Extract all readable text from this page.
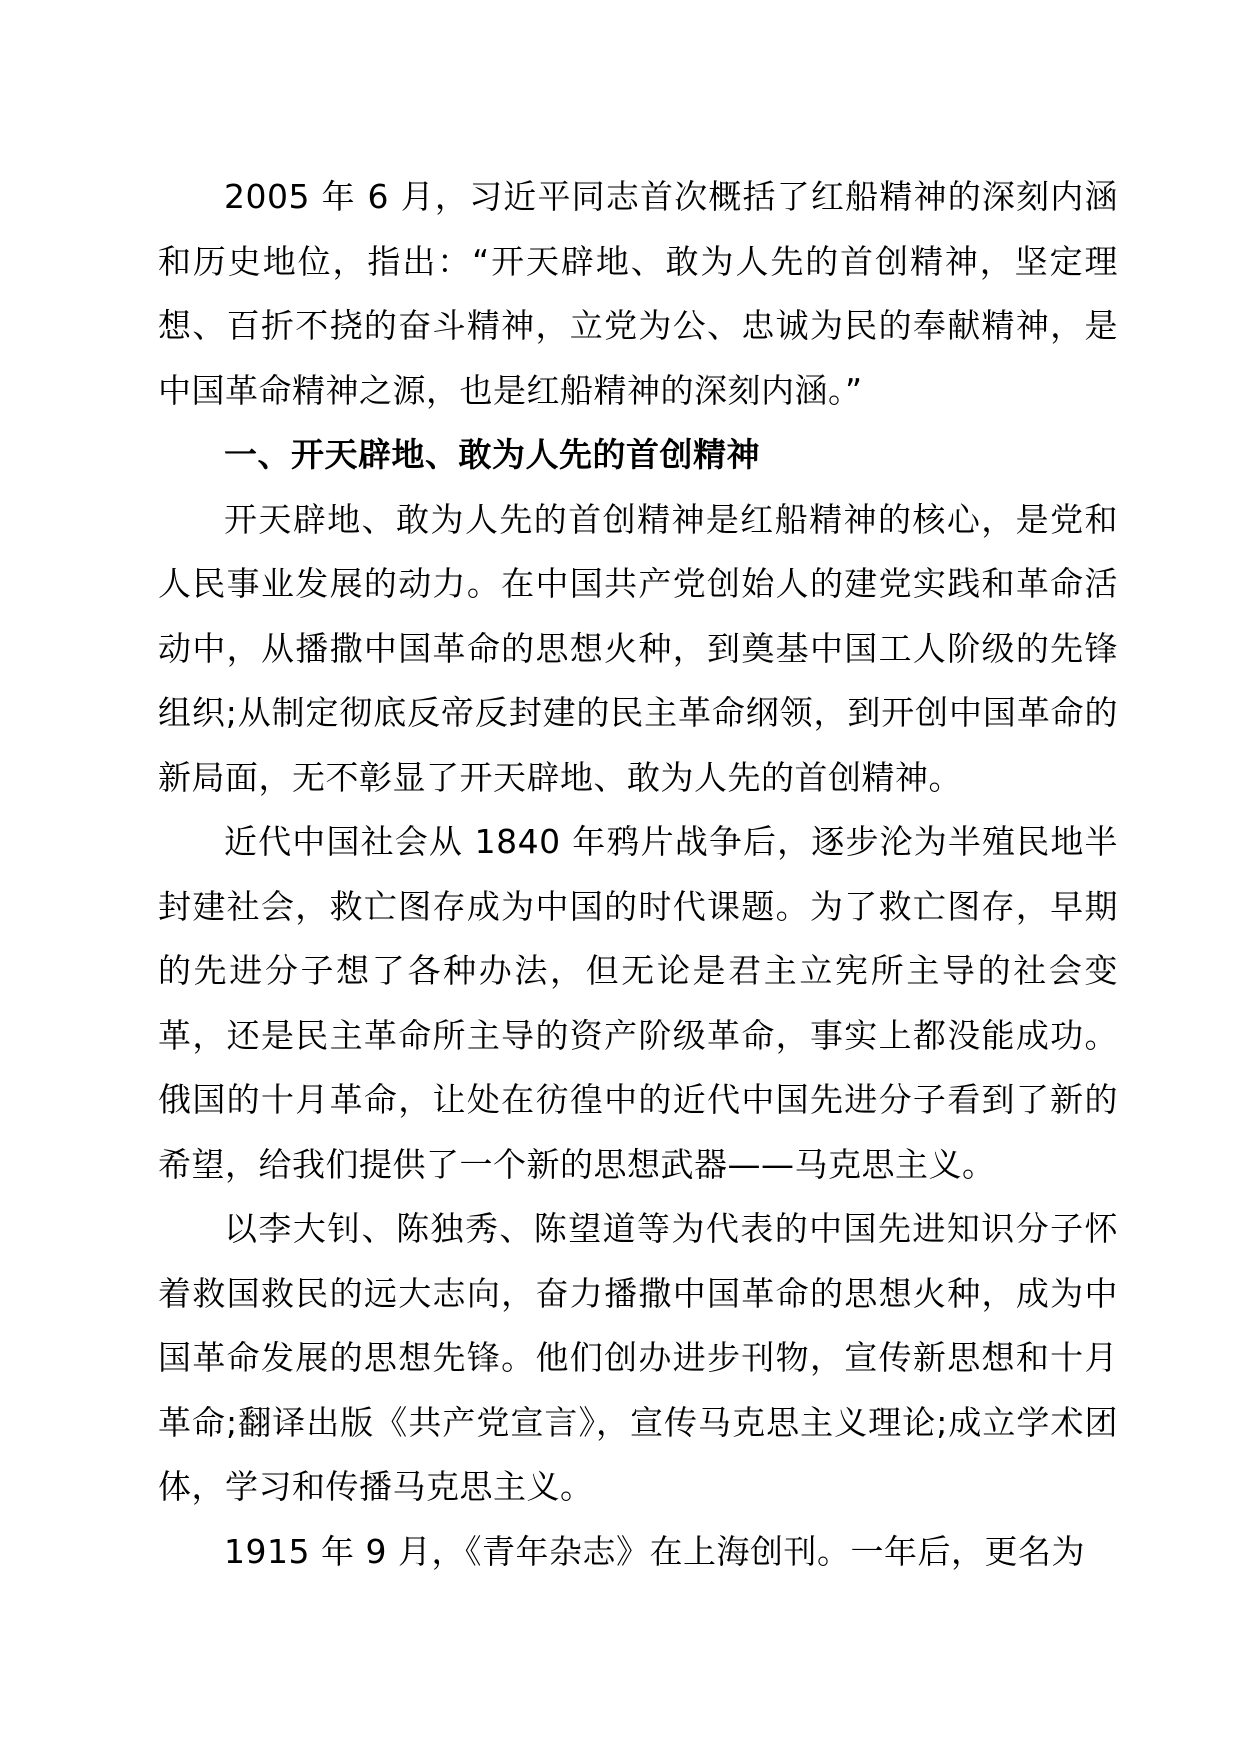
2005 年 6 月，习近平同志首次概括了红船精神的深刻内涵和历史地位，指出：“开天辟地、敢为人先的首创精神，坚定理想、百折不挠的奋斗精神，立党为公、忠诚为民的奉献精神，是中国革命精神之源，也是红船精神的深刻内涵。”

一、开天辟地、敢为人先的首创精神

开天辟地、敢为人先的首创精神是红船精神的核心，是党和人民事业发展的动力。在中国共产党创始人的建党实践和革命活动中，从播撒中国革命的思想火种，到奠基中国工人阶级的先锋组织;从制定彻底反帝反封建的民主革命纲领，到开创中国革命的新局面，无不彰显了开天辟地、敢为人先的首创精神。

近代中国社会从 1840 年鸦片战争后，逐步沦为半殖民地半封建社会，救亡图存成为中国的时代课题。为了救亡图存，早期的先进分子想了各种办法，但无论是君主立宪所主导的社会变革，还是民主革命所主导的资产阶级革命，事实上都没能成功。俄国的十月革命，让处在彷徨中的近代中国先进分子看到了新的希望，给我们提供了一个新的思想武器——马克思主义。

以李大钊、陈独秀、陈望道等为代表的中国先进知识分子怀着救国救民的远大志向，奋力播撒中国革命的思想火种，成为中国革命发展的思想先锋。他们创办进步刊物，宣传新思想和十月革命;翻译出版《共产党宣言》，宣传马克思主义理论;成立学术团体，学习和传播马克思主义。

1915 年 9 月，《青年杂志》在上海创刊。一年后，更名为
